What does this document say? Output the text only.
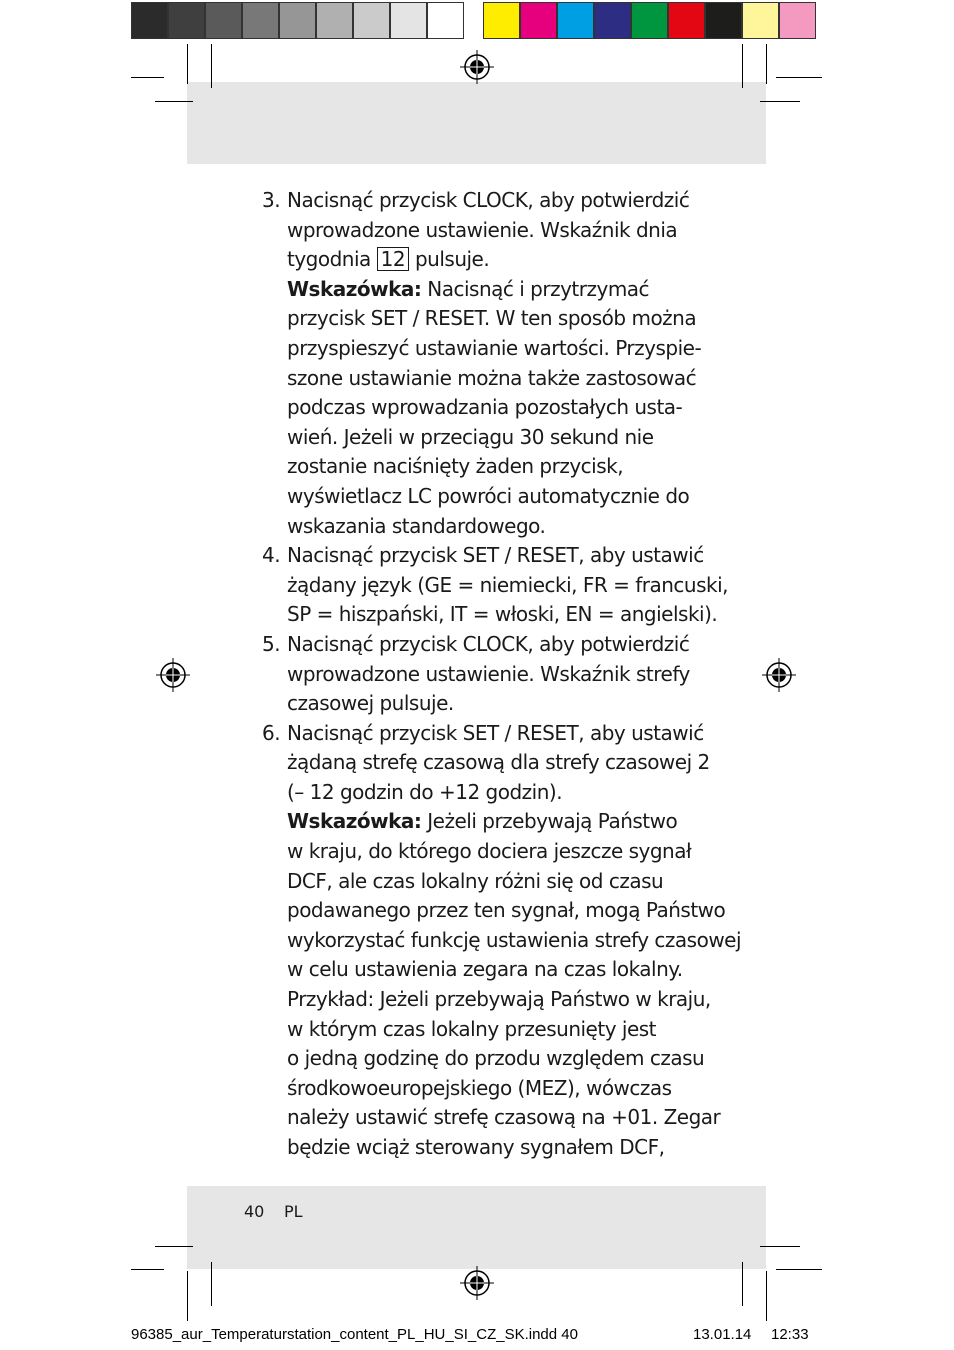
3. Nacisnąć przycisk CLOCK, aby potwierdzić
wprowadzone ustawienie. Wskaźnik dnia
tygodnia 12 pulsuje.
Wskazówka: Nacisnąć i przytrzymać
przycisk SET / RESET. W ten sposób można
przyspieszyć ustawianie wartości. Przyspie-
szone ustawianie można także zastosować
podczas wprowadzania pozostałych usta-
wień. Jeżeli w przeciągu 30 sekund nie
zostanie naciśnięty żaden przycisk,
wyświetlacz LC powróci automatycznie do
wskazania standardowego.
4. Nacisnąć przycisk SET / RESET, aby ustawić
żądany język (GE = niemiecki, FR = francuski,
SP = hiszpański, IT = włoski, EN = angielski).
5. Nacisnąć przycisk CLOCK, aby potwierdzić
wprowadzone ustawienie. Wskaźnik strefy
czasowej pulsuje.
6. Nacisnąć przycisk SET / RESET, aby ustawić
żądaną strefę czasową dla strefy czasowej 2
(– 12 godzin do +12 godzin).
Wskazówka: Jeżeli przebywają Państwo
w kraju, do którego dociera jeszcze sygnał
DCF, ale czas lokalny różni się od czasu
podawanego przez ten sygnał, mogą Państwo
wykorzystać funkcję ustawienia strefy czasowej
w celu ustawienia zegara na czas lokalny.
Przykład: Jeżeli przebywają Państwo w kraju,
w którym czas lokalny przesunięty jest
o jedną godzinę do przodu względem czasu
środkowoeuropejskiego (MEZ), wówczas
należy ustawić strefę czasową na +01. Zegar
będzie wciąż sterowany sygnałem DCF,
40 PL
96385_aur_Temperaturstation_content_PL_HU_SI_CZ_SK.indd 40	13.01.14 12:33
